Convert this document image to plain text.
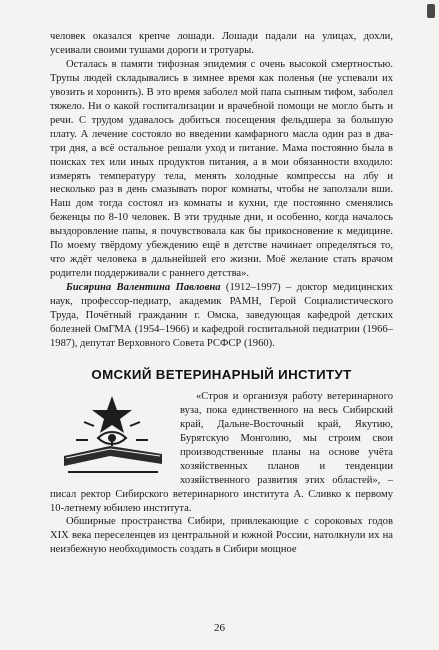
человек оказался крепче лошади. Лошади падали на улицах, дохли, усеивали своими тушами дороги и тротуары.

Осталась в памяти тифозная эпидемия с очень высокой смертностью. Трупы людей складывались в зимнее время как поленья (не успевали их увозить и хоронить). В это время заболел мой папа сыпным тифом, заболел тяжело. Ни о какой госпитализации и врачебной помощи не могло быть и речи. С трудом удавалось добиться посещения фельдшера за большую плату. А лечение состояло во введении камфарного масла один раз в два-три дня, а всё остальное решали уход и питание. Мама постоянно была в поисках тех или иных продуктов питания, а в мои обязанности входило: измерять температуру тела, менять холодные компрессы на лбу и несколько раз в день смазывать порог комнаты, чтобы не заползали вши. Наш дом тогда состоял из комнаты и кухни, где постоянно сменялись беженцы по 8-10 человек. В эти трудные дни, и особенно, когда началось выздоровление папы, я почувствовала как бы прикосновение к медицине. По моему твёрдому убеждению ещё в детстве начинает определяться то, что ждёт человека в дальнейшей его жизни. Моё желание стать врачом родители поддерживали с раннего детства».

Бисярина Валентина Павловна (1912–1997) – доктор медицинских наук, профессор-педиатр, академик РАМН, Герой Социалистического Труда, Почётный гражданин г. Омска, заведующая кафедрой детских болезней ОмГМА (1954–1966) и кафедрой госпитальной педиатрии (1966–1987), депутат Верховного Совета РСФСР (1960).

ОМСКИЙ ВЕТЕРИНАРНЫЙ ИНСТИТУТ

«Строя и организуя работу ветеринарного вуза, пока единственного на весь Сибирский край, Дальне-Восточный край, Якутию, Бурятскую Монголию, мы строим свои производственные планы на основе учёта хозяйственных планов и тенденции хозяйственного развития этих областей», – писал ректор Сибирского ветеринарного института А. Сливко к первому 10-летнему юбилею института.

Обширные пространства Сибири, привлекающие с сороковых годов XIX века переселенцев из центральной и южной России, натолкнули их на неизбежную необходимость создать в Сибири мощное

26
